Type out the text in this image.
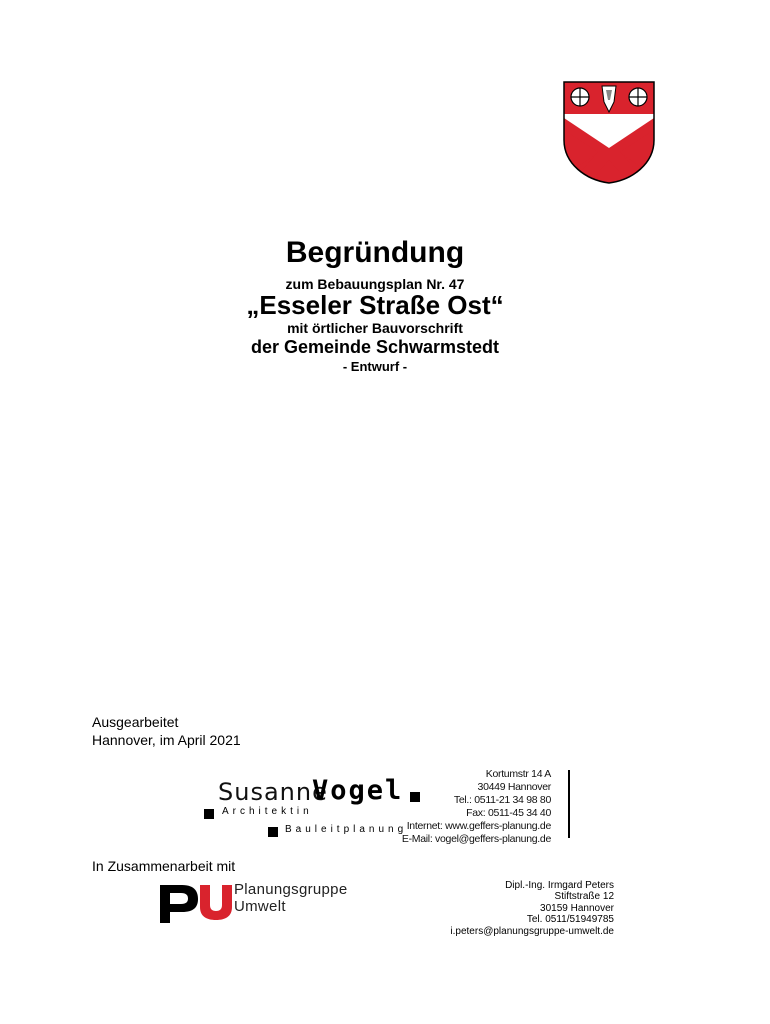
Begründung
zum Bebauungsplan Nr. 47
„Esseler Straße Ost“
mit örtlicher Bauvorschrift
der Gemeinde Schwarmstedt
- Entwurf -
Ausgearbeitet
Hannover, im April 2021
Susanne
Vogel
Architektin
Bauleitplanung
Kortumstr 14 A
30449 Hannover
Tel.: 0511-21 34 98 80
Fax: 0511-45 34 40
Internet: www.geffers-planung.de
E-Mail: vogel@geffers-planung.de
In Zusammenarbeit mit
Planungsgruppe
Umwelt
Dipl.-Ing. Irmgard Peters
Stiftstraße 12
30159 Hannover
Tel. 0511/51949785
i.peters@planungsgruppe-umwelt.de
